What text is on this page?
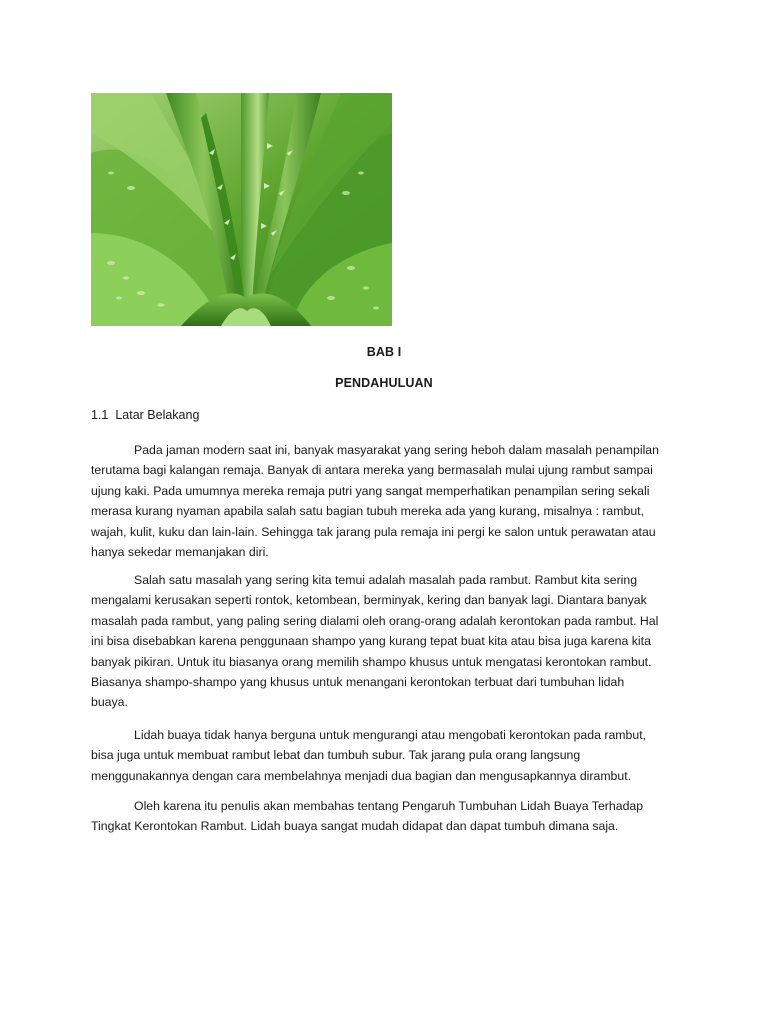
BAB I
PENDAHULUAN
1.1  Latar Belakang

Pada jaman modern saat ini, banyak masyarakat yang sering heboh dalam masalah penampilan
terutama bagi kalangan remaja. Banyak di antara mereka yang bermasalah mulai ujung rambut sampai
ujung kaki. Pada umumnya mereka remaja putri yang sangat memperhatikan penampilan sering sekali
merasa kurang nyaman apabila salah satu bagian tubuh mereka ada yang kurang, misalnya : rambut,
wajah, kulit, kuku dan lain-lain. Sehingga tak jarang pula remaja ini pergi ke salon untuk perawatan atau
hanya sekedar memanjakan diri.

Salah satu masalah yang sering kita temui adalah masalah pada rambut. Rambut kita sering
mengalami kerusakan seperti rontok, ketombean, berminyak, kering dan banyak lagi. Diantara banyak
masalah pada rambut, yang paling sering dialami oleh orang-orang adalah kerontokan pada rambut. Hal
ini bisa disebabkan karena penggunaan shampo yang kurang tepat buat kita atau bisa juga karena kita
banyak pikiran. Untuk itu biasanya orang memilih shampo khusus untuk mengatasi kerontokan rambut.
Biasanya shampo-shampo yang khusus untuk menangani kerontokan terbuat dari tumbuhan lidah
buaya.

Lidah buaya tidak hanya berguna untuk mengurangi atau mengobati kerontokan pada rambut,
bisa juga untuk membuat rambut lebat dan tumbuh subur. Tak jarang pula orang langsung
menggunakannya dengan cara membelahnya menjadi dua bagian dan mengusapkannya dirambut.

Oleh karena itu penulis akan membahas tentang Pengaruh Tumbuhan Lidah Buaya Terhadap
Tingkat Kerontokan Rambut. Lidah buaya sangat mudah didapat dan dapat tumbuh dimana saja.
